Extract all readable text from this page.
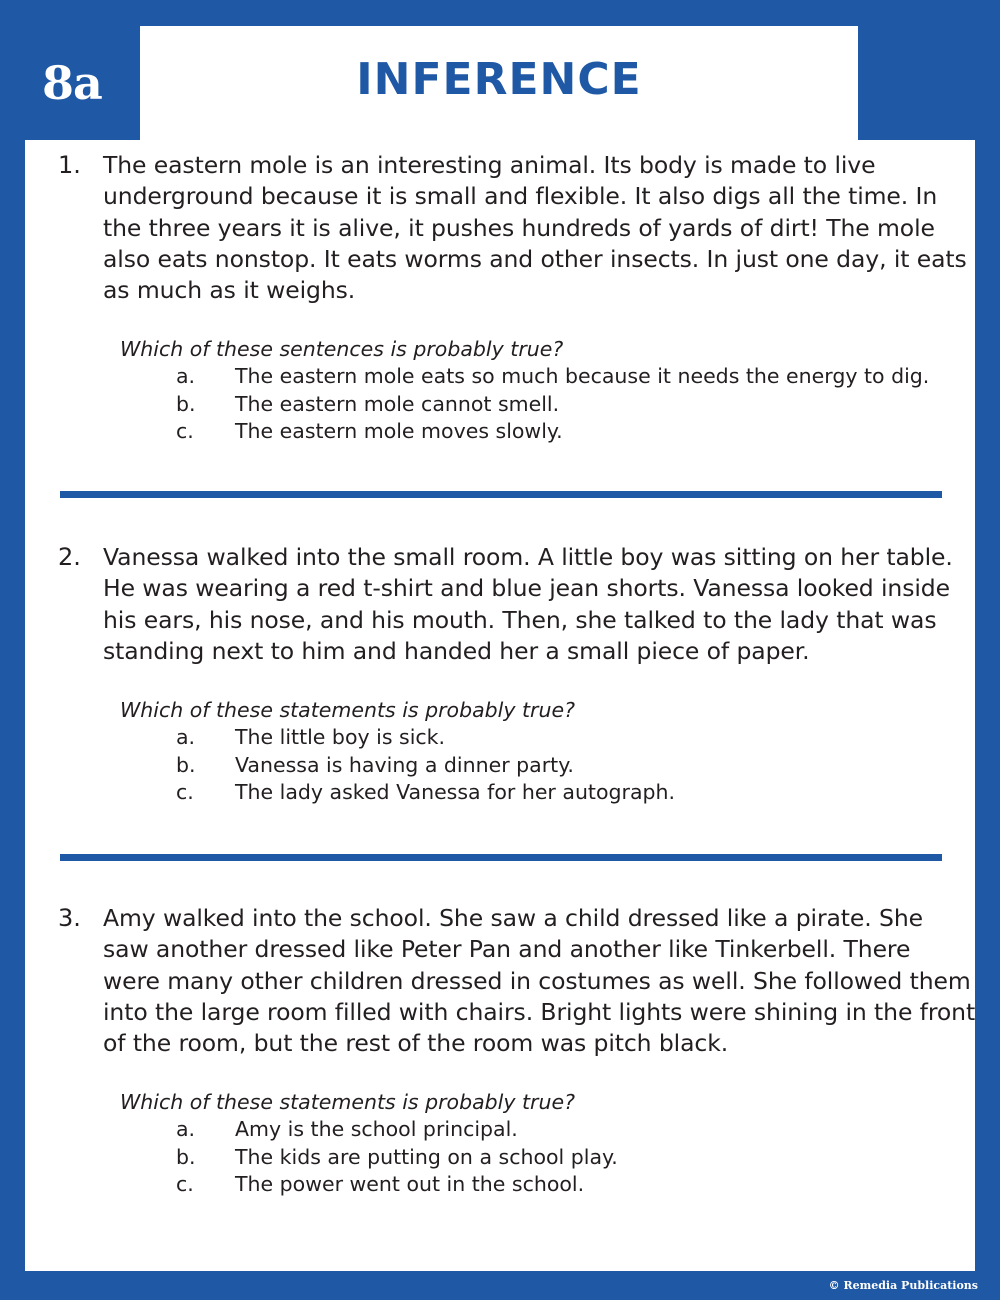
8a	INFERENCE
1. The eastern mole is an interesting animal. Its body is made to live
underground because it is small and flexible. It also digs all the time. In
the three years it is alive, it pushes hundreds of yards of dirt! The mole
also eats nonstop. It eats worms and other insects. In just one day, it eats
as much as it weighs.
Which of these sentences is probably true?
a. The eastern mole eats so much because it needs the energy to dig.
b. The eastern mole cannot smell.
c. The eastern mole moves slowly.
2. Vanessa walked into the small room. A little boy was sitting on her table.
He was wearing a red t-shirt and blue jean shorts. Vanessa looked inside
his ears, his nose, and his mouth. Then, she talked to the lady that was
standing next to him and handed her a small piece of paper.
Which of these statements is probably true?
a. The little boy is sick.
b. Vanessa is having a dinner party.
c. The lady asked Vanessa for her autograph.
3. Amy walked into the school. She saw a child dressed like a pirate. She
saw another dressed like Peter Pan and another like Tinkerbell. There
were many other children dressed in costumes as well. She followed them
into the large room filled with chairs. Bright lights were shining in the front
of the room, but the rest of the room was pitch black.
Which of these statements is probably true?
a. Amy is the school principal.
b. The kids are putting on a school play.
c. The power went out in the school.
© Remedia Publications
